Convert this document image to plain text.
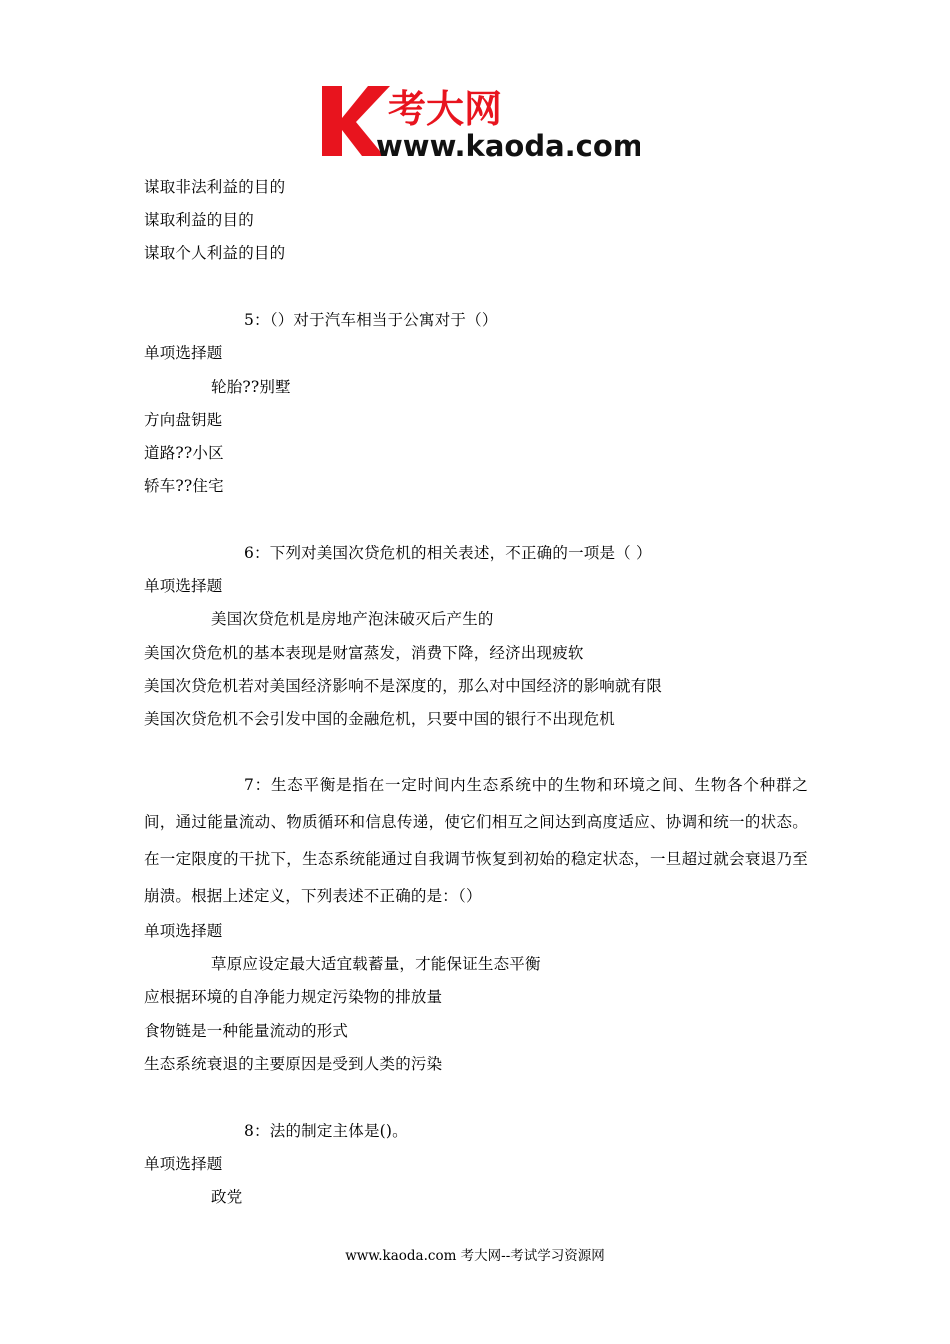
考大网
www.kaoda.com
谋取非法利益的目的
谋取利益的目的
谋取个人利益的目的
5：（）对于汽车相当于公寓对于（）
单项选择题
轮胎??别墅
方向盘钥匙
道路??小区
轿车??住宅
6：下列对美国次贷危机的相关表述，不正确的一项是（ ）
单项选择题
美国次贷危机是房地产泡沫破灭后产生的
美国次贷危机的基本表现是财富蒸发，消费下降，经济出现疲软
美国次贷危机若对美国经济影响不是深度的，那么对中国经济的影响就有限
美国次贷危机不会引发中国的金融危机，只要中国的银行不出现危机
7：生态平衡是指在一定时间内生态系统中的生物和环境之间、生物各个种群之间，通过能量流动、物质循环和信息传递，使它们相互之间达到高度适应、协调和统一的状态。在一定限度的干扰下，生态系统能通过自我调节恢复到初始的稳定状态，一旦超过就会衰退乃至崩溃。根据上述定义，下列表述不正确的是：（）
单项选择题
草原应设定最大适宜载蓄量，才能保证生态平衡
应根据环境的自净能力规定污染物的排放量
食物链是一种能量流动的形式
生态系统衰退的主要原因是受到人类的污染
8：法的制定主体是()。
单项选择题
政党
www.kaoda.com 考大网--考试学习资源网
